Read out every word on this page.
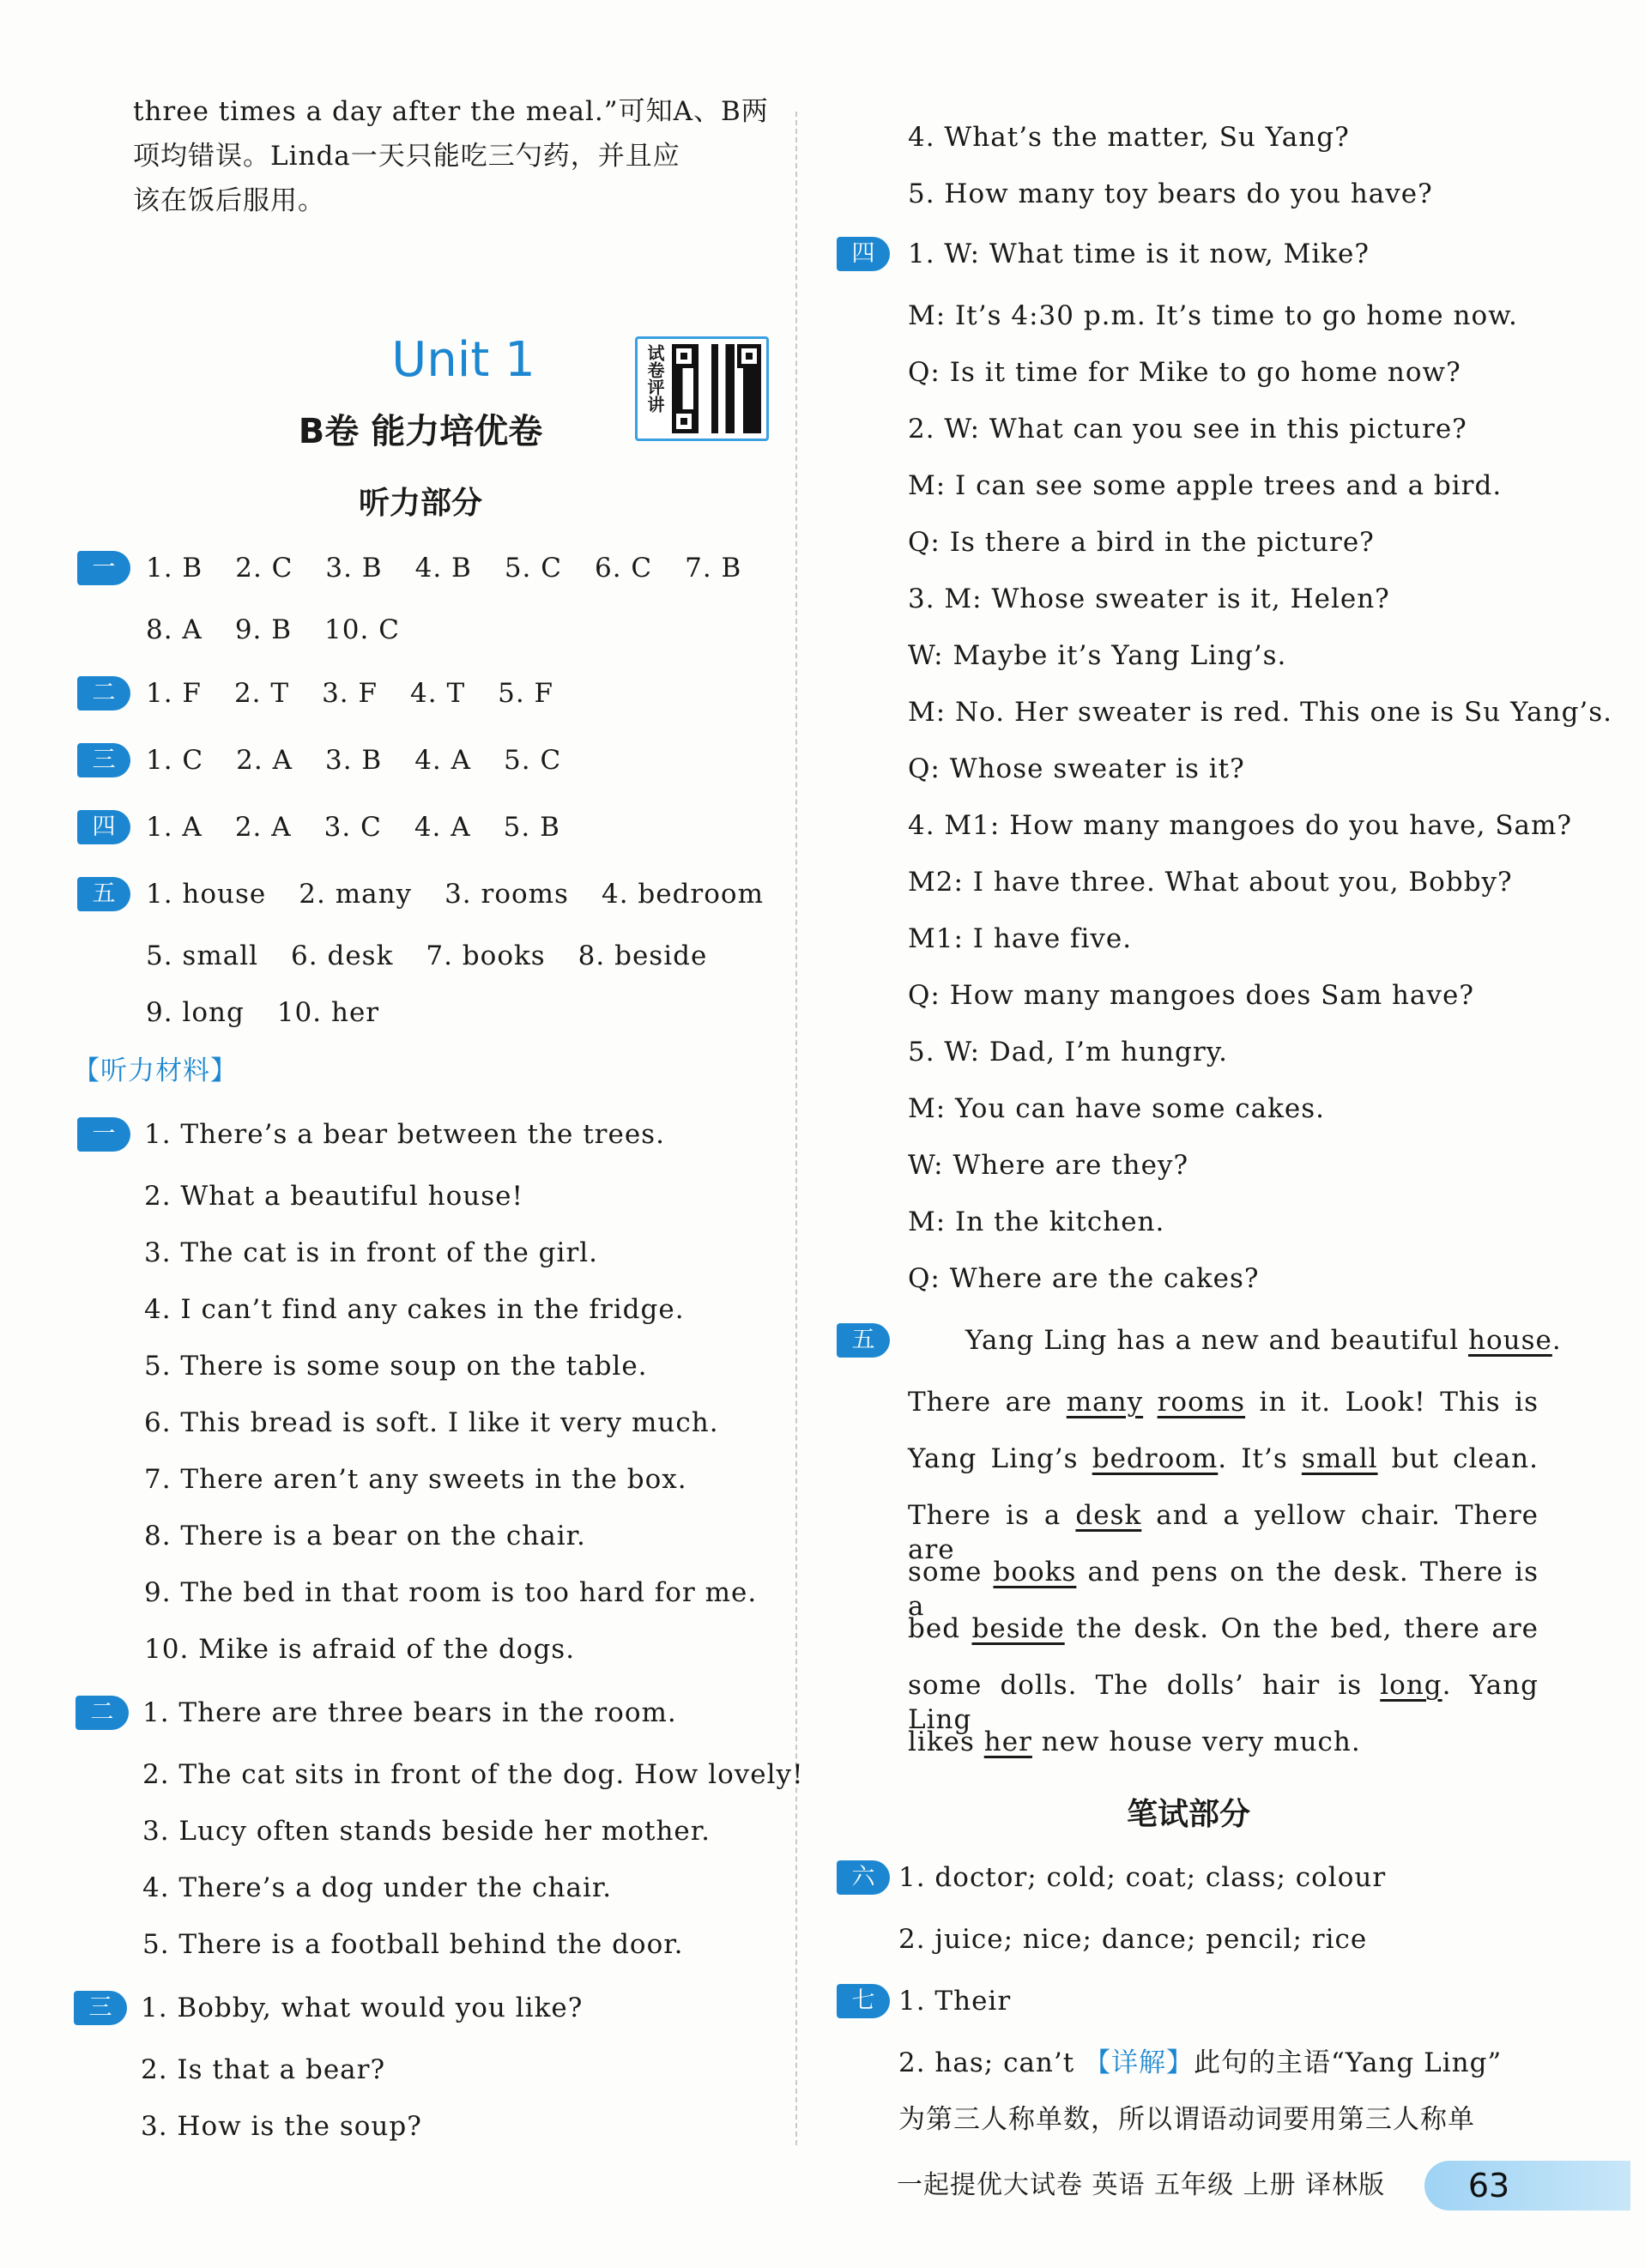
three times a day after the meal.”可知A、B两
项均错误。Linda一天只能吃三勺药，并且应
该在饭后服用。
Unit 1	试卷评讲
B卷 能力培优卷
听力部分
一	1. B 2. C 3. B 4. B 5. C 6. C 7. B
8. A 9. B 10. C
二	1. F 2. T 3. F 4. T 5. F
三	1. C 2. A 3. B 4. A 5. C
四	1. A 2. A 3. C 4. A 5. B
五	1. house 2. many 3. rooms 4. bedroom
5. small 6. desk 7. books 8. beside
9. long 10. her
【听力材料】
一	1. There’s a bear between the trees.
2. What a beautiful house!
3. The cat is in front of the girl.
4. I can’t find any cakes in the fridge.
5. There is some soup on the table.
6. This bread is soft. I like it very much.
7. There aren’t any sweets in the box.
8. There is a bear on the chair.
9. The bed in that room is too hard for me.
10. Mike is afraid of the dogs.
二	1. There are three bears in the room.
2. The cat sits in front of the dog. How lovely!
3. Lucy often stands beside her mother.
4. There’s a dog under the chair.
5. There is a football behind the door.
三	1. Bobby, what would you like?
2. Is that a bear?
3. How is the soup?
4. What’s the matter, Su Yang?
5. How many toy bears do you have?
四	1. W: What time is it now, Mike?
M: It’s 4:30 p.m. It’s time to go home now.
Q: Is it time for Mike to go home now?
2. W: What can you see in this picture?
M: I can see some apple trees and a bird.
Q: Is there a bird in the picture?
3. M: Whose sweater is it, Helen?
W: Maybe it’s Yang Ling’s.
M: No. Her sweater is red. This one is Su Yang’s.
Q: Whose sweater is it?
4. M1: How many mangoes do you have, Sam?
M2: I have three. What about you, Bobby?
M1: I have five.
Q: How many mangoes does Sam have?
5. W: Dad, I’m hungry.
M: You can have some cakes.
W: Where are they?
M: In the kitchen.
Q: Where are the cakes?
五	Yang Ling has a new and beautiful house.
There are many rooms in it. Look! This is
Yang Ling’s bedroom. It’s small but clean.
There is a desk and a yellow chair. There are
some books and pens on the desk. There is a
bed beside the desk. On the bed, there are
some dolls. The dolls’ hair is long. Yang Ling
likes her new house very much.
笔试部分
六 1. doctor; cold; coat; class; colour
2. juice; nice; dance; pencil; rice
七 1. Their
2. has; can’t 【详解】此句的主语“Yang Ling”
为第三人称单数，所以谓语动词要用第三人称单
一起提优大试卷 英语 五年级 上册 译林版	63
